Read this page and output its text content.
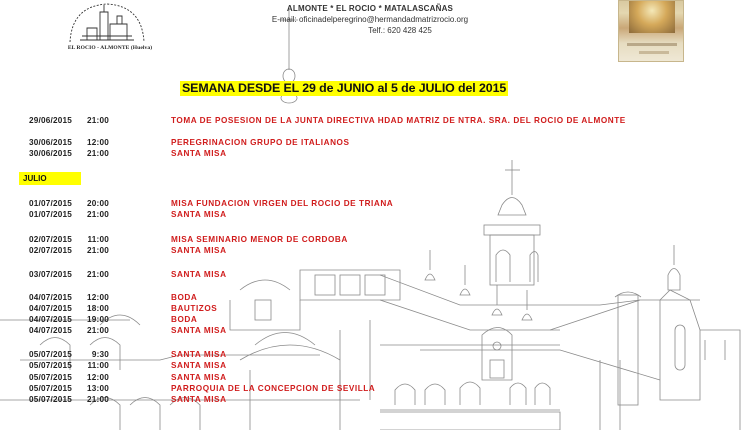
EL ROCIO - ALMONTE (Huelva)
ALMONTE * EL ROCIO * MATALASCAÑAS
E-mail: oficinadelperegrino@hermandadmatrizrocio.org
Telf.: 620 428 425
SEMANA DESDE EL 29 de JUNIO al 5 de JULIO del 2015
JULIO
29/06/2015	21:00	TOMA DE POSESION DE LA JUNTA DIRECTIVA HDAD MATRIZ DE NTRA. SRA. DEL ROCIO DE ALMONTE
30/06/2015	12:00	PEREGRINACION GRUPO DE ITALIANOS
30/06/2015	21:00	SANTA MISA
01/07/2015	20:00	MISA FUNDACION VIRGEN DEL ROCIO DE TRIANA
01/07/2015	21:00	SANTA MISA
02/07/2015	11:00	MISA SEMINARIO MENOR DE CORDOBA
02/07/2015	21:00	SANTA MISA
03/07/2015	21:00	SANTA MISA
04/07/2015	12:00	BODA
04/07/2015	18:00	BAUTIZOS
04/07/2015	19:00	BODA
04/07/2015	21:00	SANTA MISA
05/07/2015	9:30	SANTA MISA
05/07/2015	11:00	SANTA MISA
05/07/2015	12:00	SANTA MISA
05/07/2015	13:00	PARROQUIA DE LA CONCEPCION DE SEVILLA
05/07/2015	21:00	SANTA MISA
